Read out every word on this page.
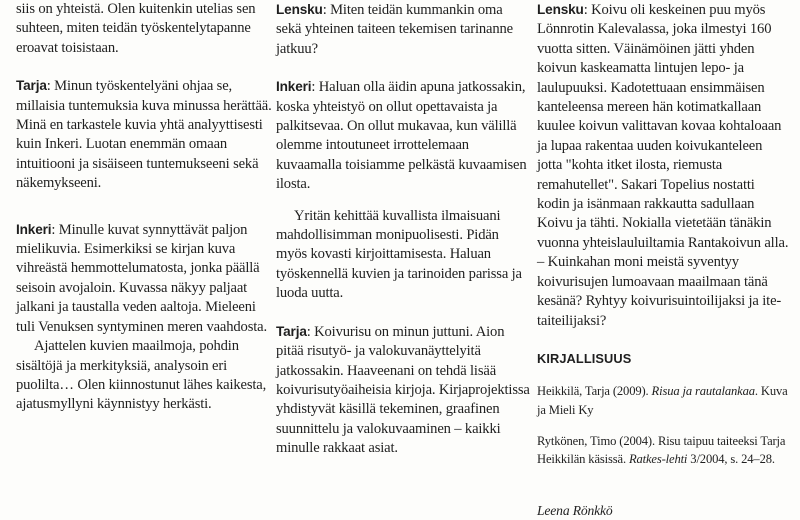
siis on yhteistä. Olen kuitenkin utelias sen suhteen, miten teidän työskentelytapanne eroavat toisistaan.

Tarja: Minun työskentelyäni ohjaa se, millaisia tuntemuksia kuva minussa herättää. Minä en tarkastele kuvia yhtä analyyttisesti kuin Inkeri. Luotan enemmän omaan intuitiooni ja sisäiseen tuntemukseeni sekä näkemykseeni.

Inkeri: Minulle kuvat synnyttävät paljon mielikuvia. Esimerkiksi se kirjan kuva vihreästä hemmottelumatosta, jonka päällä seisoin avojaloin. Kuvassa näkyy paljaat jalkani ja taustalla veden aaltoja. Mieleeni tuli Venuksen syntyminen meren vaahdosta.

Ajattelen kuvien maailmoja, pohdin sisältöjä ja merkityksiä, analysoin eri puolilta… Olen kiinnostunut lähes kaikesta, ajatusmyllyni käynnistyy herkästi.

Lensku: Miten teidän kummankin oma sekä yhteinen taiteen tekemisen tarinanne jatkuu?

Inkeri: Haluan olla äidin apuna jatkossakin, koska yhteistyö on ollut opettavaista ja palkitsevaa. On ollut mukavaa, kun välillä olemme intoutuneet irrottelemaan kuvaamalla toisiamme pelkästä kuvaamisen ilosta.

Yritän kehittää kuvallista ilmaisuani mahdollisimman monipuolisesti. Pidän myös kovasti kirjoittamisesta. Haluan työskennellä kuvien ja tarinoiden parissa ja luoda uutta.

Tarja: Koivurisu on minun juttuni. Aion pitää risutyö- ja valokuvanäyttelyitä jatkossakin. Haaveenani on tehdä lisää koivurisutyöaiheisia kirjoja. Kirjaprojektissa yhdistyvät käsillä tekeminen, graafinen suunnittelu ja valokuvaaminen – kaikki minulle rakkaat asiat.

Lensku: Koivu oli keskeinen puu myös Lönnrotin Kalevalassa, joka ilmestyi 160 vuotta sitten. Väinämöinen jätti yhden koivun kaskeamatta lintujen lepo- ja laulupuuksi. Kadotettuaan ensimmäisen kanteleensa mereen hän kotimatkallaan kuulee koivun valittavan kovaa kohtaloaan ja lupaa rakentaa uuden koivukanteleen jotta "kohta itket ilosta, riemusta remahutellet". Sakari Topelius nostatti kodin ja isänmaan rakkautta sadullaan Koivu ja tähti. Nokialla vietetään tänäkin vuonna yhteislauluiltamia Rantakoivun alla. – Kuinkahan moni meistä syventyy koivurisujen lumoavaan maailmaan tänä kesänä? Ryhtyy koivurisuintoilijaksi ja ite-taiteilijaksi?

KIRJALLISUUS

Heikkilä, Tarja (2009). Risua ja rautalankaa. Kuva ja Mieli Ky

Rytkönen, Timo (2004). Risu taipuu taiteeksi Tarja Heikkilän käsissä. Ratkes-lehti 3/2004, s. 24–28.

Leena Rönkkö
